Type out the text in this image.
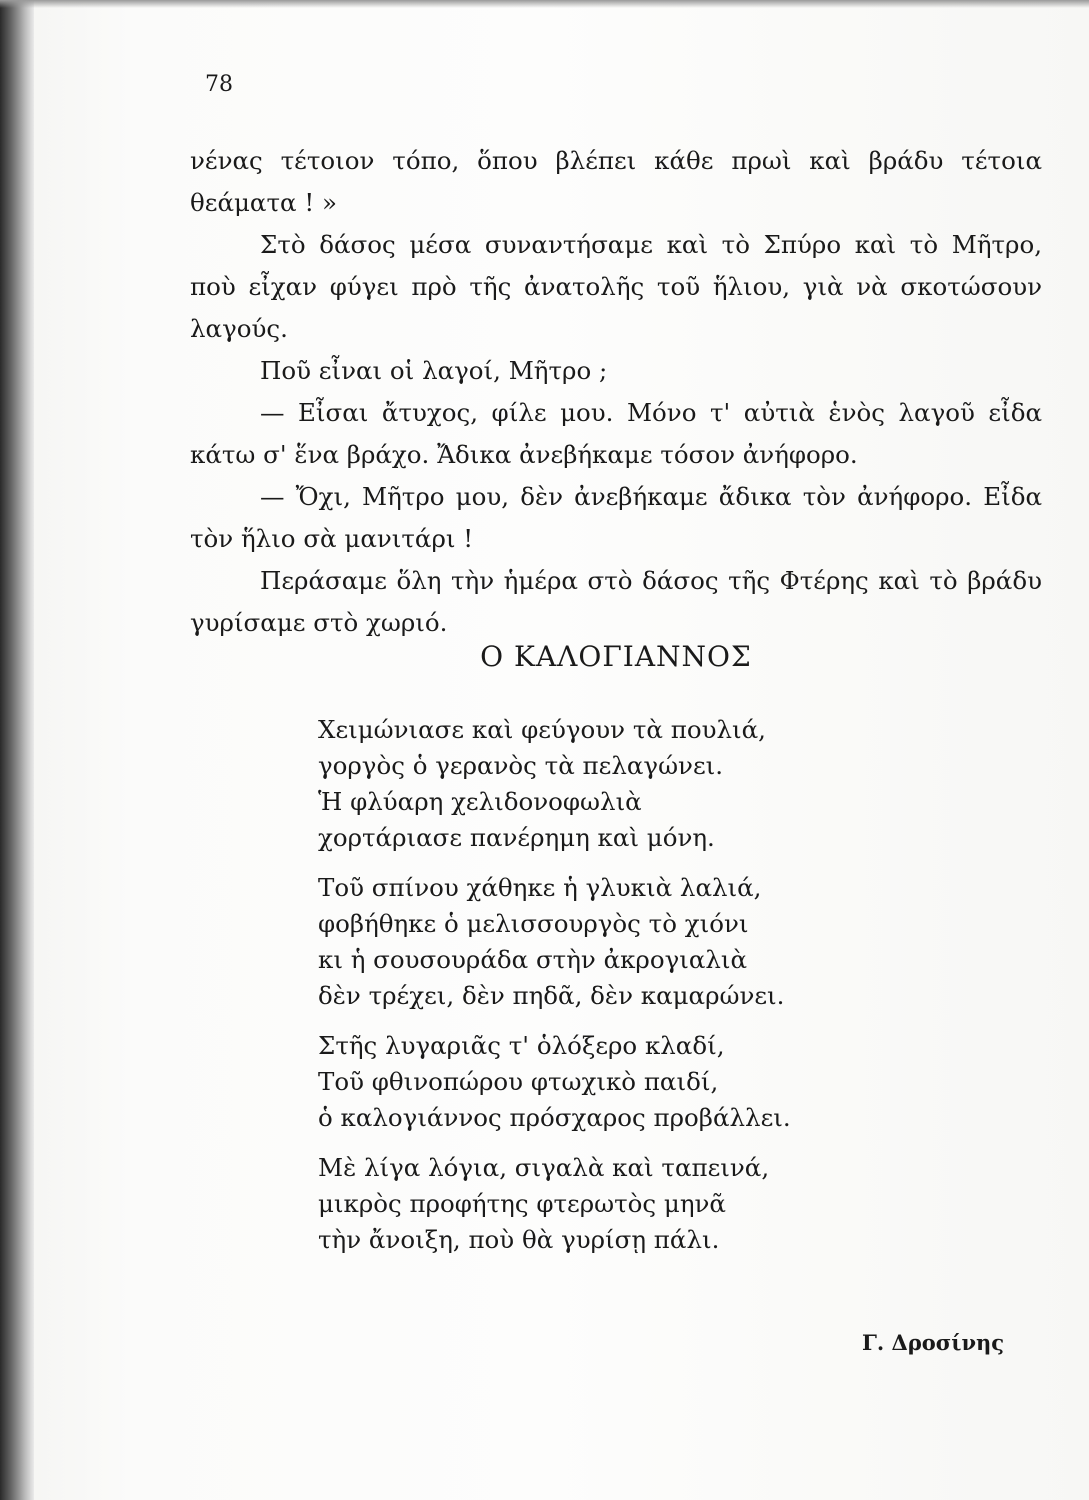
78

νένας τέτοιον τόπο, ὅπου βλέπει κάθε πρωὶ καὶ βράδυ τέτοια θεάματα ! »

Στὸ δάσος μέσα συναντήσαμε καὶ τὸ Σπύρο καὶ τὸ Μῆτρο, ποὺ εἶχαν φύγει πρὸ τῆς ἀνατολῆς τοῦ ἥλιου, γιὰ νὰ σκοτώσουν λαγούς.

Ποῦ εἶναι οἱ λαγοί, Μῆτρο ;

— Εἶσαι ἄτυχος, φίλε μου. Μόνο τ' αὐτιὰ ἑνὸς λαγοῦ εἶδα κάτω σ' ἕνα βράχο. Ἄδικα ἀνεβήκαμε τόσον ἀνήφορο.

— Ὄχι, Μῆτρο μου, δὲν ἀνεβήκαμε ἄδικα τὸν ἀνήφορο. Εἶδα τὸν ἥλιο σὰ μανιτάρι !

Περάσαμε ὅλη τὴν ἡμέρα στὸ δάσος τῆς Φτέρης καὶ τὸ βράδυ γυρίσαμε στὸ χωριό.

Ο ΚΑΛΟΓΙΑΝΝΟΣ
Χειμώνιασε καὶ φεύγουν τὰ πουλιά,
γοργὸς ὁ γερανὸς τὰ πελαγώνει.
Ἡ φλύαρη χελιδονοφωλιὰ
χορτάριασε πανέρημη καὶ μόνη.
Τοῦ σπίνου χάθηκε ἡ γλυκιὰ λαλιά,
φοβήθηκε ὁ μελισσουργὸς τὸ χιόνι
κι ἡ σουσουράδα στὴν ἀκρογιαλιὰ
δὲν τρέχει, δὲν πηδᾶ, δὲν καμαρώνει.
Στῆς λυγαριᾶς τ' ὁλόξερο κλαδί,
Τοῦ φθινοπώρου φτωχικὸ παιδί,
ὁ καλογιάννος πρόσχαρος προβάλλει.
Μὲ λίγα λόγια, σιγαλὰ καὶ ταπεινά,
μικρὸς προφήτης φτερωτὸς μηνᾶ
τὴν ἄνοιξη, ποὺ θὰ γυρίσῃ πάλι.
Γ. Δροσίνης
